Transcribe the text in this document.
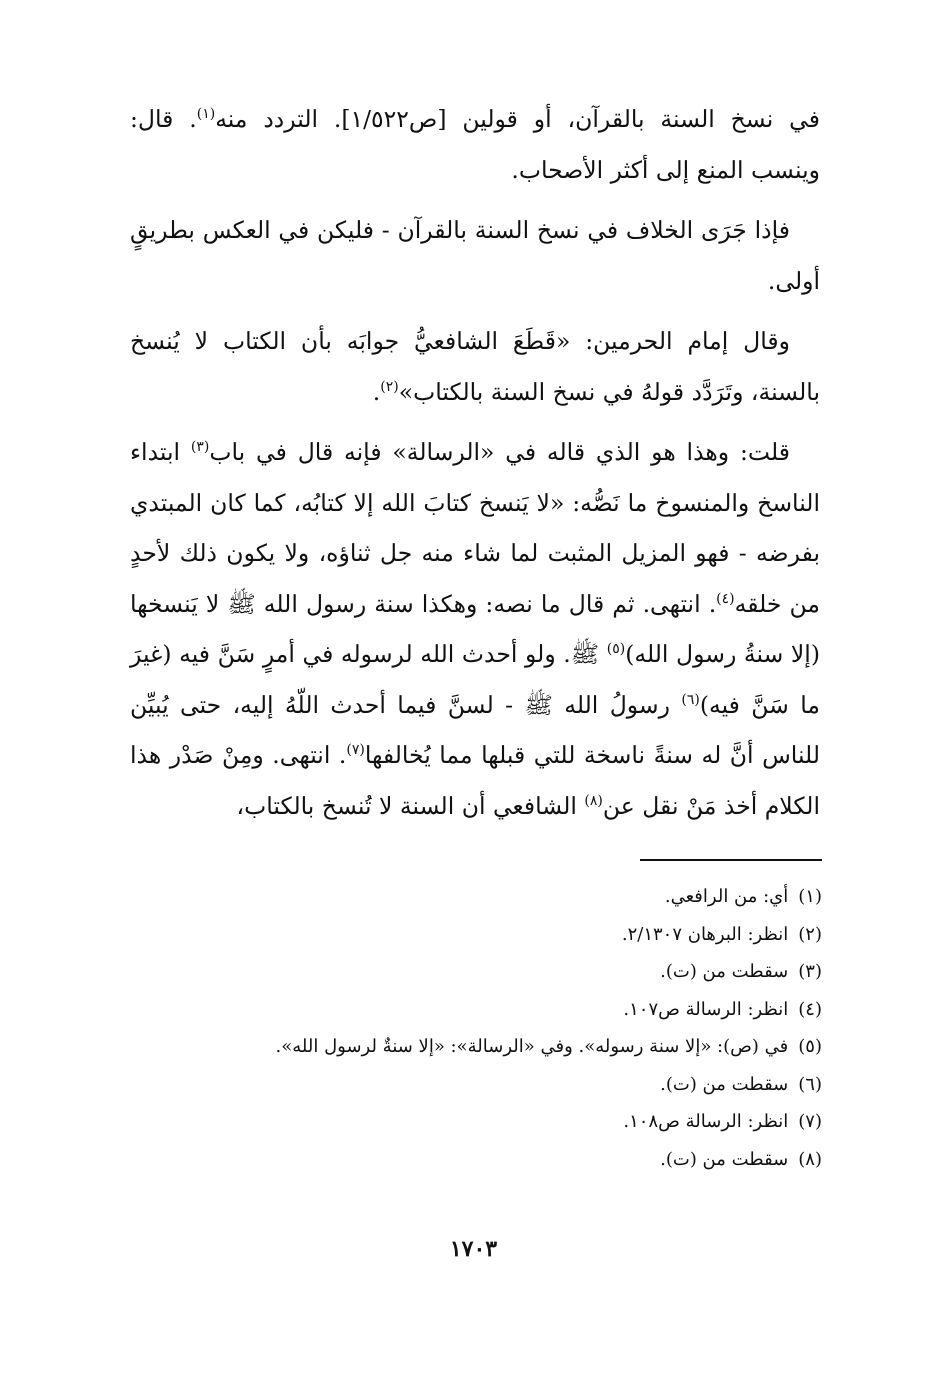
في نسخ السنة بالقرآن، أو قولين [ص١/٥٢٢]. التردد منه$^{(١)}$. قال: وينسب المنع إلى أكثر الأصحاب.

فإذا جَرَى الخلاف في نسخ السنة بالقرآن - فليكن في العكس بطريقٍ أولى.

وقال إمام الحرمين: «قَطَعَ الشافعيُّ جوابَه بأن الكتاب لا يُنسخ بالسنة، وتَرَدَّد قولهُ في نسخ السنة بالكتاب»$^{(٢)}$.

قلت: وهذا هو الذي قاله في «الرسالة» فإنه قال في باب$^{(٣)}$ ابتداء الناسخ والمنسوخ ما نَصُّه: «لا يَنسخ كتابَ الله إلا كتابُه، كما كان المبتدي بفرضه - فهو المزيل المثبت لما شاء منه جل ثناؤه، ولا يكون ذلك لأحدٍ من خلقه$^{(٤)}$. انتهى. ثم قال ما نصه: وهكذا سنة رسول الله ﷺ لا يَنسخها (إلا سنةُ رسول الله)$^{(٥)}$ ﷺ. ولو أحدث الله لرسوله في أمرٍ سَنَّ فيه (غيرَ ما سَنَّ فيه)$^{(٦)}$ رسولُ الله ﷺ - لسنَّ فيما أحدث اللّهُ إليه، حتى يُبيِّن للناس أنَّ له سنةً ناسخة للتي قبلها مما يُخالفها$^{(٧)}$. انتهى. ومِنْ صَدْر هذا الكلام أخذ مَنْ نقل عن$^{(٨)}$ الشافعي أن السنة لا تُنسخ بالكتاب،

(١)أي: من الرافعي.
(٢)انظر: البرهان ٢/١٣٠٧.
(٣)سقطت من (ت).
(٤)انظر: الرسالة ص١٠٧.
(٥)في (ص): «إلا سنة رسوله». وفي «الرسالة»: «إلا سنةٌ لرسول الله».
(٦)سقطت من (ت).
(٧)انظر: الرسالة ص١٠٨.
(٨)سقطت من (ت).
١٧٠٣
